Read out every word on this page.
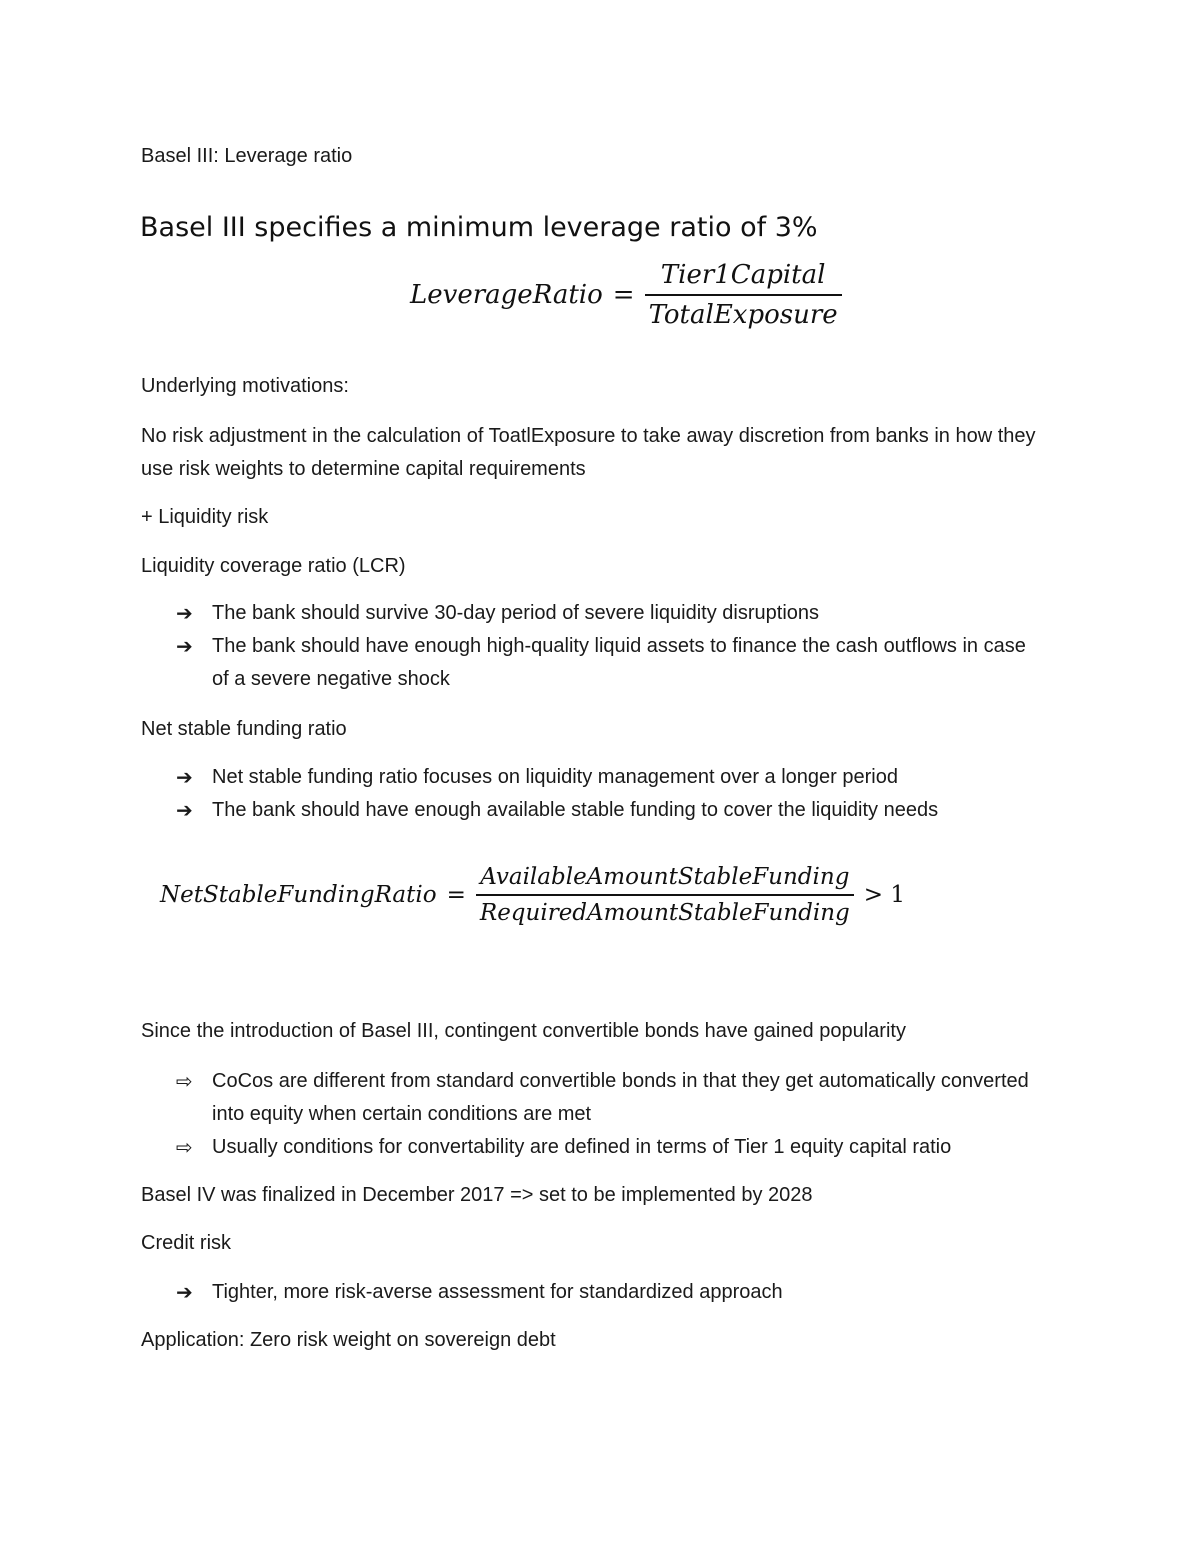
Basel III: Leverage ratio
Basel III specifies a minimum leverage ratio of 3%
LeverageRatio = $\frac{\text{Tier1Capital}}{\text{TotalExposure}}$
Underlying motivations:
No risk adjustment in the calculation of ToatlExposure to take away discretion from banks in how they use risk weights to determine capital requirements
+ Liquidity risk
Liquidity coverage ratio (LCR)
➔ The bank should survive 30-day period of severe liquidity disruptions
➔ The bank should have enough high-quality liquid assets to finance the cash outflows in case of a severe negative shock
Net stable funding ratio
➔ Net stable funding ratio focuses on liquidity management over a longer period
➔ The bank should have enough available stable funding to cover the liquidity needs
NetStableFundingRatio = $\frac{\text{AvailableAmountStableFunding}}{\text{RequiredAmountStableFunding}} > 1$
Since the introduction of Basel III, contingent convertible bonds have gained popularity
⇨ CoCos are different from standard convertible bonds in that they get automatically converted into equity when certain conditions are met
⇨ Usually conditions for convertability are defined in terms of Tier 1 equity capital ratio
Basel IV was finalized in December 2017 => set to be implemented by 2028
Credit risk
➔ Tighter, more risk-averse assessment for standardized approach
Application: Zero risk weight on sovereign debt
